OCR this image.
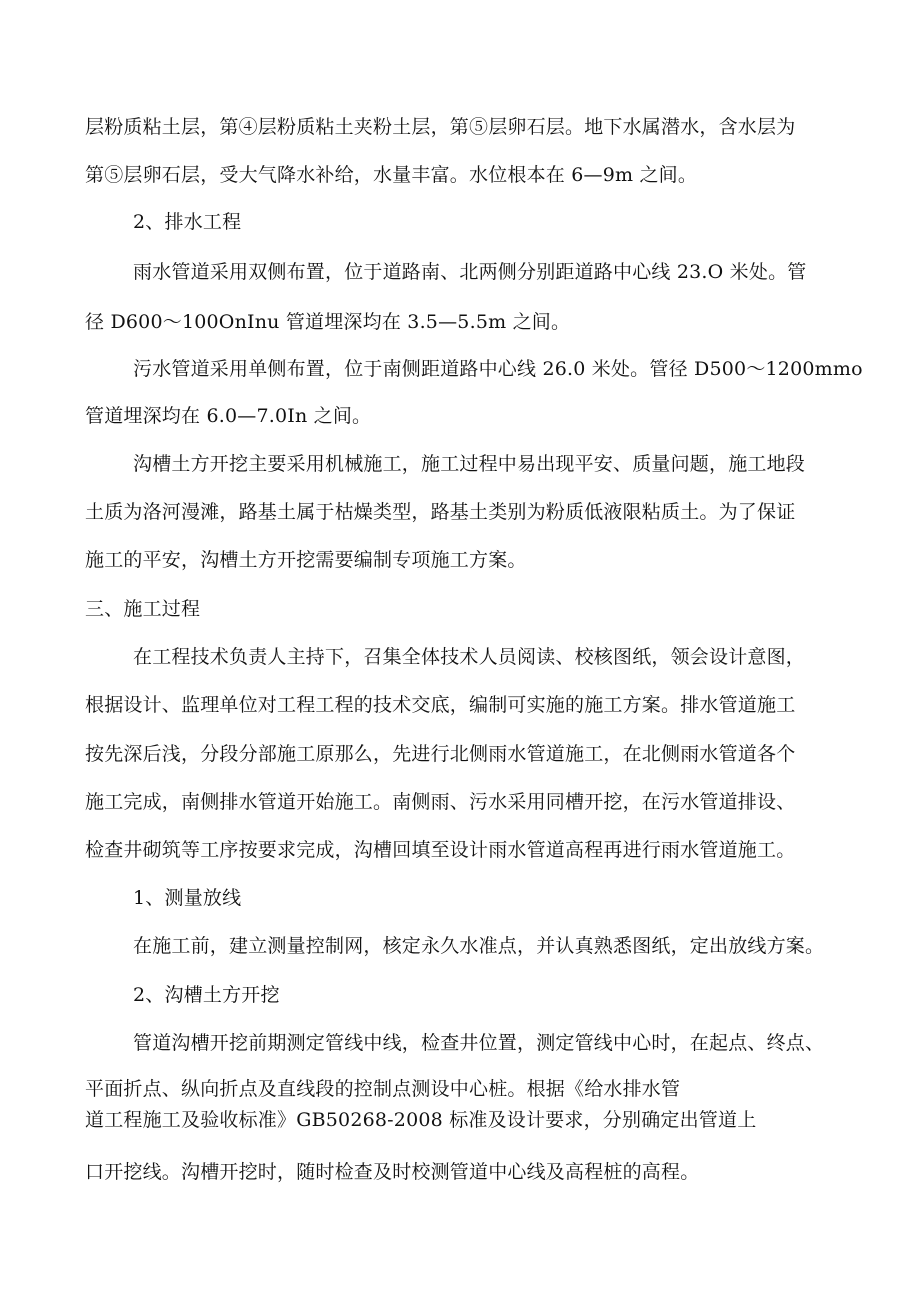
层粉质粘土层，第④层粉质粘土夹粉土层，第⑤层卵石层。地下水属潜水，含水层为
第⑤层卵石层，受大气降水补给，水量丰富。水位根本在 6—9m 之间。
2、排水工程
雨水管道采用双侧布置，位于道路南、北两侧分别距道路中心线 23.O 米处。管
径 D600～100OnInu 管道埋深均在 3.5—5.5m 之间。
污水管道采用单侧布置，位于南侧距道路中心线 26.0 米处。管径 D500～1200mmo
管道埋深均在 6.0—7.0In 之间。
沟槽土方开挖主要采用机械施工，施工过程中易出现平安、质量问题，施工地段
土质为洛河漫滩，路基土属于枯燥类型，路基土类别为粉质低液限粘质土。为了保证
施工的平安，沟槽土方开挖需要编制专项施工方案。
三、施工过程
在工程技术负责人主持下，召集全体技术人员阅读、校核图纸，领会设计意图，
根据设计、监理单位对工程工程的技术交底，编制可实施的施工方案。排水管道施工
按先深后浅，分段分部施工原那么，先进行北侧雨水管道施工，在北侧雨水管道各个
施工完成，南侧排水管道开始施工。南侧雨、污水采用同槽开挖，在污水管道排设、
检查井砌筑等工序按要求完成，沟槽回填至设计雨水管道高程再进行雨水管道施工。
1、测量放线
在施工前，建立测量控制网，核定永久水准点，并认真熟悉图纸，定出放线方案。
2、沟槽土方开挖
管道沟槽开挖前期测定管线中线，检查井位置，测定管线中心时，在起点、终点、
平面折点、纵向折点及直线段的控制点测设中心桩。根据《给水排水管
道工程施工及验收标准》GB50268-2008 标准及设计要求，分别确定出管道上
口开挖线。沟槽开挖时，随时检查及时校测管道中心线及高程桩的高程。
